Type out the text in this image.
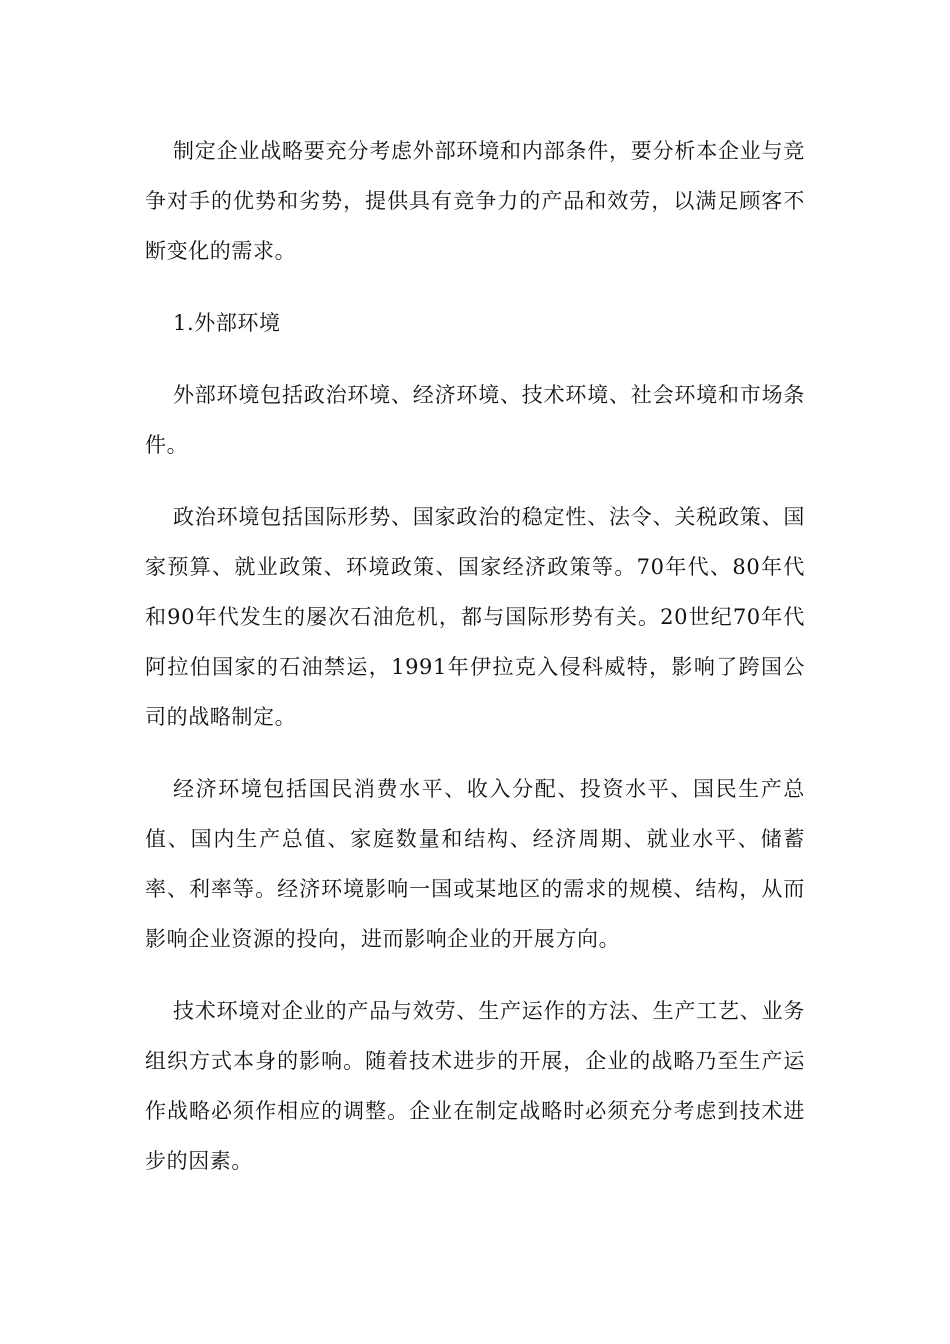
制定企业战略要充分考虑外部环境和内部条件，要分析本企业与竞争对手的优势和劣势，提供具有竞争力的产品和效劳，以满足顾客不断变化的需求。

1.外部环境

外部环境包括政治环境、经济环境、技术环境、社会环境和市场条件。

政治环境包括国际形势、国家政治的稳定性、法令、关税政策、国家预算、就业政策、环境政策、国家经济政策等。70年代、80年代和90年代发生的屡次石油危机，都与国际形势有关。20世纪70年代阿拉伯国家的石油禁运，1991年伊拉克入侵科威特，影响了跨国公司的战略制定。

经济环境包括国民消费水平、收入分配、投资水平、国民生产总值、国内生产总值、家庭数量和结构、经济周期、就业水平、储蓄率、利率等。经济环境影响一国或某地区的需求的规模、结构，从而影响企业资源的投向，进而影响企业的开展方向。

技术环境对企业的产品与效劳、生产运作的方法、生产工艺、业务组织方式本身的影响。随着技术进步的开展，企业的战略乃至生产运作战略必须作相应的调整。企业在制定战略时必须充分考虑到技术进步的因素。
